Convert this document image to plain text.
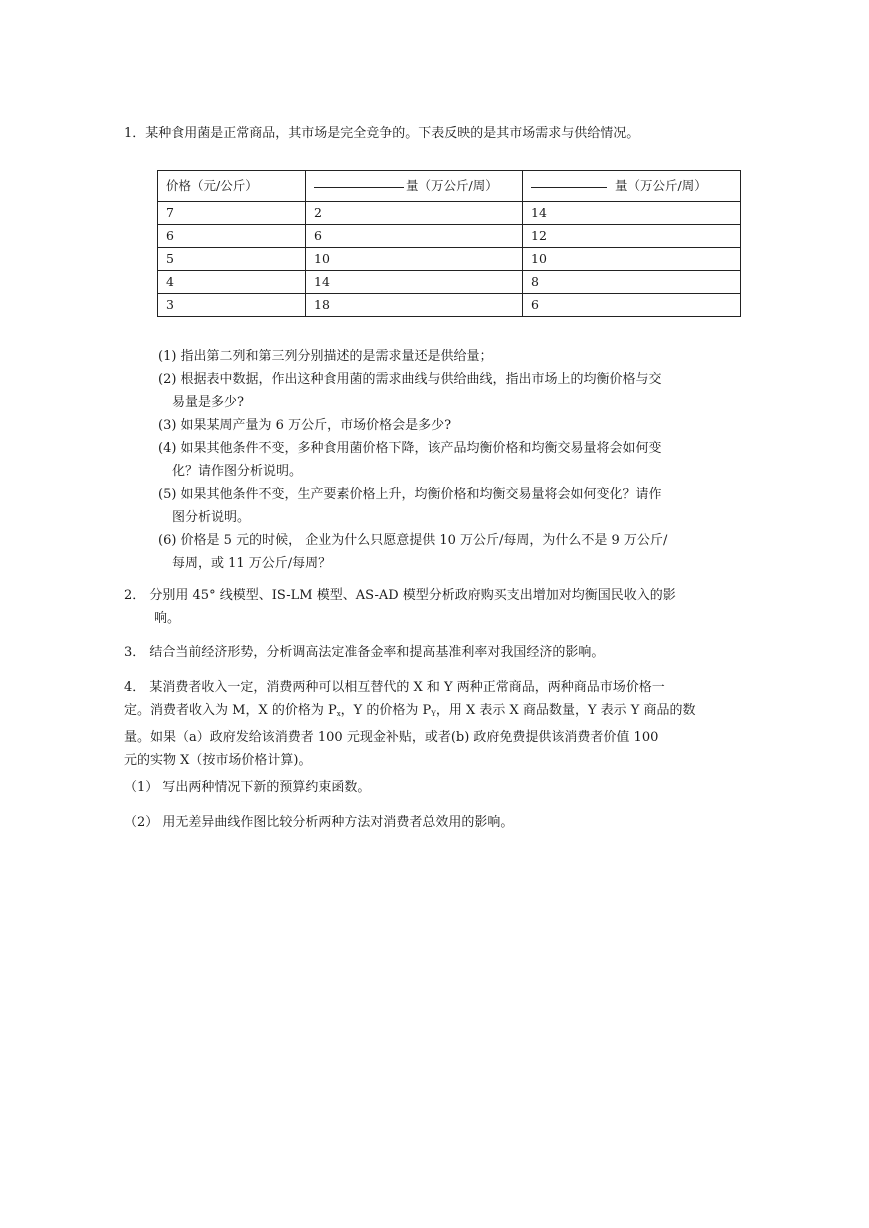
1．某种食用菌是正常商品，其市场是完全竞争的。下表反映的是其市场需求与供给情况。
价格（元/公斤）	量（万公斤/周）	量（万公斤/周）
7	2	14
6	6	12
5	10	10
4	14	8
3	18	6
(1) 指出第二列和第三列分别描述的是需求量还是供给量；
(2) 根据表中数据，作出这种食用菌的需求曲线与供给曲线，指出市场上的均衡价格与交
易量是多少?
(3) 如果某周产量为 6 万公斤，市场价格会是多少?
(4) 如果其他条件不变，多种食用菌价格下降，该产品均衡价格和均衡交易量将会如何变
化？请作图分析说明。
(5) 如果其他条件不变，生产要素价格上升，均衡价格和均衡交易量将会如何变化？请作
图分析说明。
(6) 价格是 5 元的时候， 企业为什么只愿意提供 10 万公斤/每周，为什么不是 9 万公斤/
每周，或 11 万公斤/每周？
2． 分别用 45° 线模型、IS-LM 模型、AS-AD 模型分析政府购买支出增加对均衡国民收入的影
响。
3． 结合当前经济形势，分析调高法定准备金率和提高基准利率对我国经济的影响。
4． 某消费者收入一定，消费两种可以相互替代的 X 和 Y 两种正常商品，两种商品市场价格一
定。消费者收入为 M，X 的价格为 $P_x$，Y 的价格为 $P_Y$，用 X 表示 X 商品数量，Y 表示 Y 商品的数
量。如果（a）政府发给该消费者 100 元现金补贴，或者(b) 政府免费提供该消费者价值 100
元的实物 X（按市场价格计算)。
（1） 写出两种情况下新的预算约束函数。
（2） 用无差异曲线作图比较分析两种方法对消费者总效用的影响。
